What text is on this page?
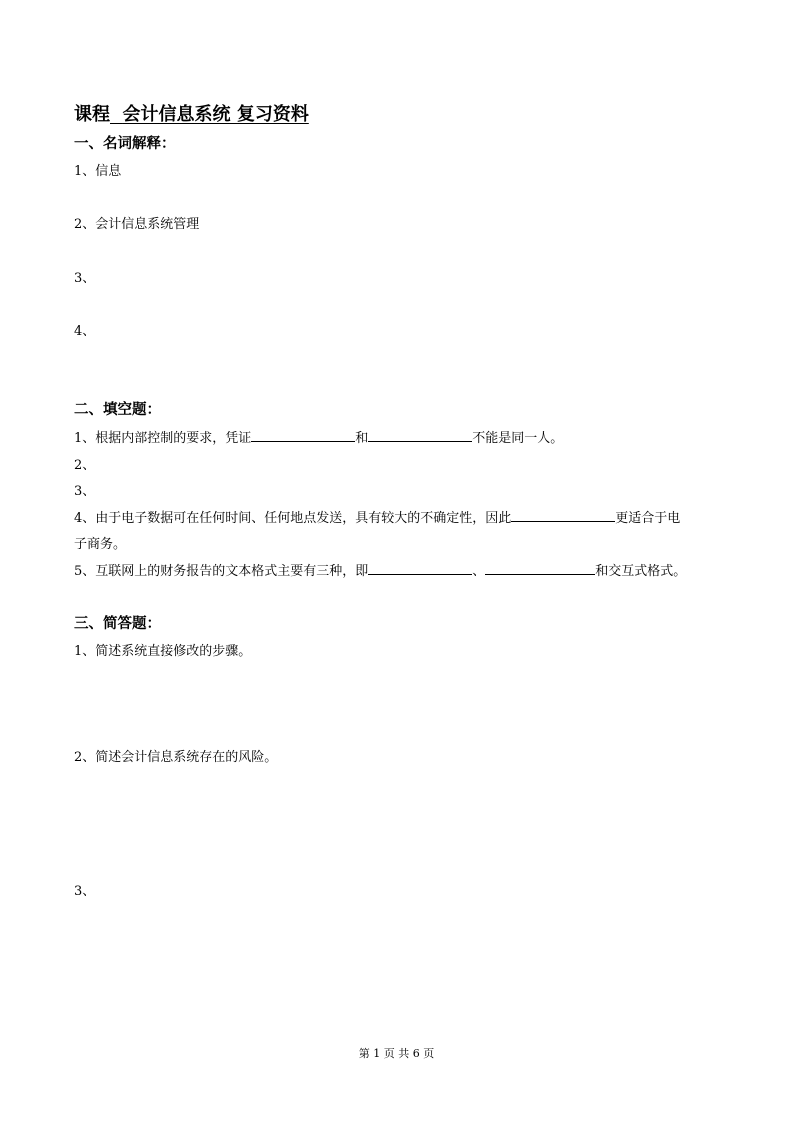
课程 会计信息系统 复习资料
一、名词解释：
1、信息
2、会计信息系统管理
3、
4、
二、填空题：
1、根据内部控制的要求，凭证	和	不能是同一人。
2、
3、
4、由于电子数据可在任何时间、任何地点发送，具有较大的不确定性，因此	更适合于电
子商务。
5、互联网上的财务报告的文本格式主要有三种，即	、	和交互式格式。
三、简答题：
1、简述系统直接修改的步骤。
2、简述会计信息系统存在的风险。
3、
第 1 页 共 6 页
